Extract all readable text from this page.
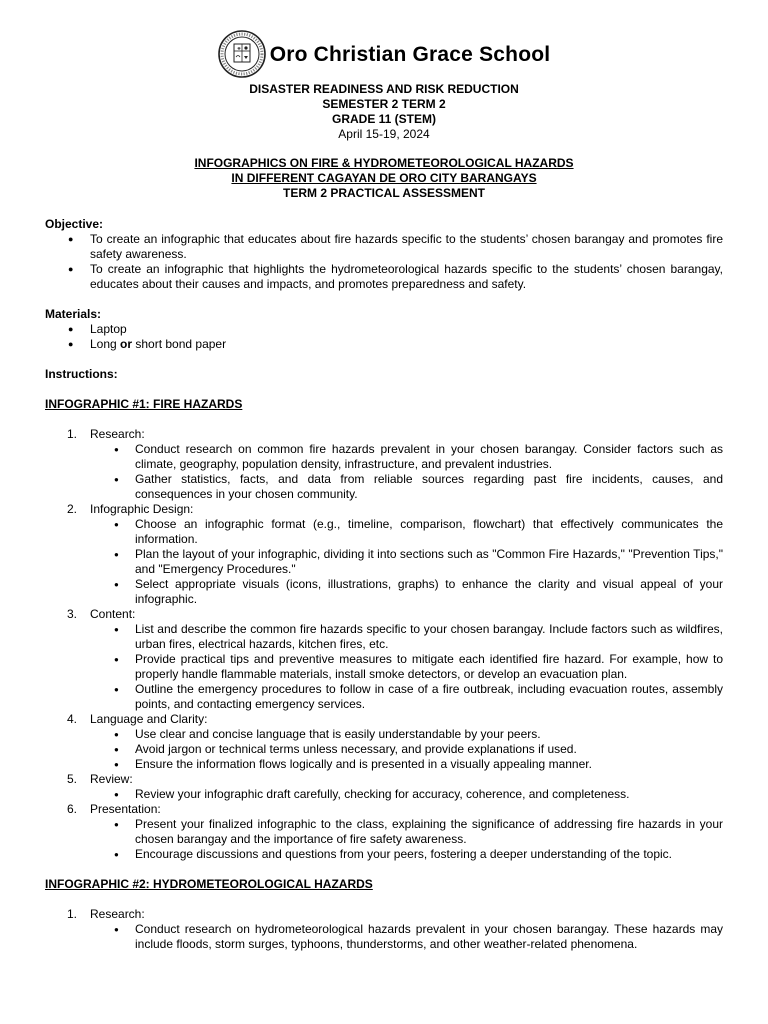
Oro Christian Grace School
DISASTER READINESS AND RISK REDUCTION
SEMESTER 2 TERM 2
GRADE 11 (STEM)
April 15-19, 2024
INFOGRAPHICS ON FIRE & HYDROMETEOROLOGICAL HAZARDS
IN DIFFERENT CAGAYAN DE ORO CITY BARANGAYS
TERM 2 PRACTICAL ASSESSMENT
Objective:
● To create an infographic that educates about fire hazards specific to the students’ chosen barangay and promotes fire safety awareness.
● To create an infographic that highlights the hydrometeorological hazards specific to the students’ chosen barangay, educates about their causes and impacts, and promotes preparedness and safety.
Materials:
● Laptop
● Long or short bond paper
Instructions:
INFOGRAPHIC #1: FIRE HAZARDS
1. Research:
● Conduct research on common fire hazards prevalent in your chosen barangay. Consider factors such as climate, geography, population density, infrastructure, and prevalent industries.
● Gather statistics, facts, and data from reliable sources regarding past fire incidents, causes, and consequences in your chosen community.
2. Infographic Design:
● Choose an infographic format (e.g., timeline, comparison, flowchart) that effectively communicates the information.
● Plan the layout of your infographic, dividing it into sections such as "Common Fire Hazards," "Prevention Tips," and "Emergency Procedures."
● Select appropriate visuals (icons, illustrations, graphs) to enhance the clarity and visual appeal of your infographic.
3. Content:
● List and describe the common fire hazards specific to your chosen barangay. Include factors such as wildfires, urban fires, electrical hazards, kitchen fires, etc.
● Provide practical tips and preventive measures to mitigate each identified fire hazard. For example, how to properly handle flammable materials, install smoke detectors, or develop an evacuation plan.
● Outline the emergency procedures to follow in case of a fire outbreak, including evacuation routes, assembly points, and contacting emergency services.
4. Language and Clarity:
● Use clear and concise language that is easily understandable by your peers.
● Avoid jargon or technical terms unless necessary, and provide explanations if used.
● Ensure the information flows logically and is presented in a visually appealing manner.
5. Review:
● Review your infographic draft carefully, checking for accuracy, coherence, and completeness.
6. Presentation:
● Present your finalized infographic to the class, explaining the significance of addressing fire hazards in your chosen barangay and the importance of fire safety awareness.
● Encourage discussions and questions from your peers, fostering a deeper understanding of the topic.
INFOGRAPHIC #2: HYDROMETEOROLOGICAL HAZARDS
1. Research:
● Conduct research on hydrometeorological hazards prevalent in your chosen barangay. These hazards may include floods, storm surges, typhoons, thunderstorms, and other weather-related phenomena.
